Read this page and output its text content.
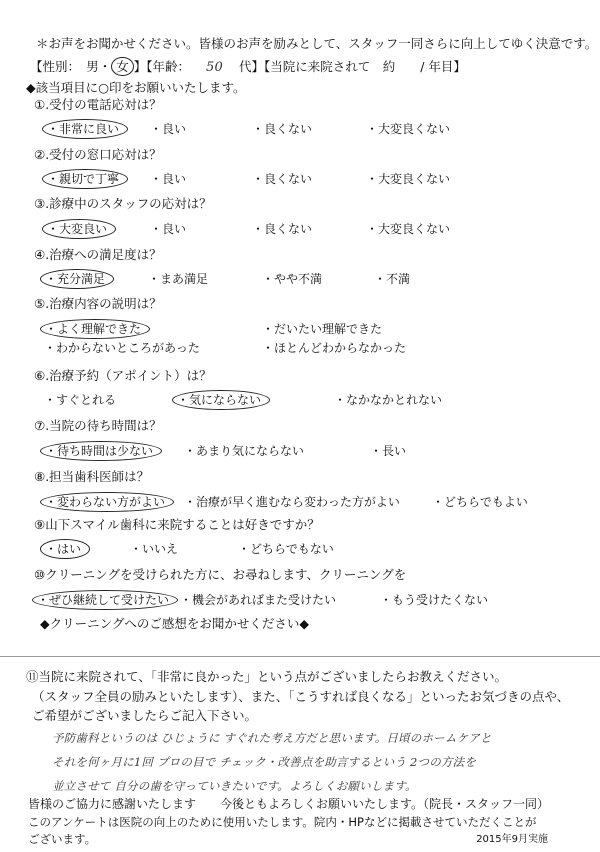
＊お声をお聞かせください。皆様のお声を励みとして、スタッフ一同さらに向上してゆく決意です。
【性別：　男・ 女 】【年齢： 50 代】【当院に来院されて　約　　/ 年目】
◆該当項目に○印をお願いいたします。
①.受付の電話応対は？
・非常に良い	・良い	・良くない	・大変良くない
②.受付の窓口応対は？
・親切で丁寧	・良い	・良くない	・大変良くない
③.診療中のスタッフの応対は？
・大変良い	・良い	・良くない	・大変良くない
④.治療への満足度は？
・充分満足	・まあ満足	・やや不満	・不満
⑤.治療内容の説明は？
・よく理解できた	・だいたい理解できた
・わからないところがあった	・ほとんどわからなかった
⑥.治療予約（アポイント）は？
・すぐとれる	・気にならない	・なかなかとれない
⑦.当院の待ち時間は？
・待ち時間は少ない	・あまり気にならない	・長い
⑧.担当歯科医師は？
・変わらない方がよい	・治療が早く進むなら変わった方がよい	・どちらでもよい
⑨山下スマイル歯科に来院することは好きですか？
・はい	・いいえ	・どちらでもない
⑩クリーニングを受けられた方に、お尋ねします、クリーニングを
・ぜひ継続して受けたい ・機会があればまた受けたい	・もう受けたくない
◆クリーニングへのご感想をお聞かせください◆
⑪当院に来院されて、「非常に良かった」という点がございましたらお教えください。
（スタッフ全員の励みといたします）、また、「こうすれば良くなる」といったお気づきの点や、
ご希望がございましたらご記入下さい。
予防歯科というのは ひじょうに すぐれた考え方だと思います。日頃のホームケアと
それを何ヶ月に1回 プロの目で チェック・改善点を助言するという 2つの方法を
並立させて 自分の歯を守っていきたいです。よろしくお願いします。
皆様のご協力に感謝いたします　　今後ともよろしくお願いいたします。（院長・スタッフ一同）
このアンケートは医院の向上のために使用いたします。院内・HPなどに掲載させていただくことが
ございます。	2015年9月実施
